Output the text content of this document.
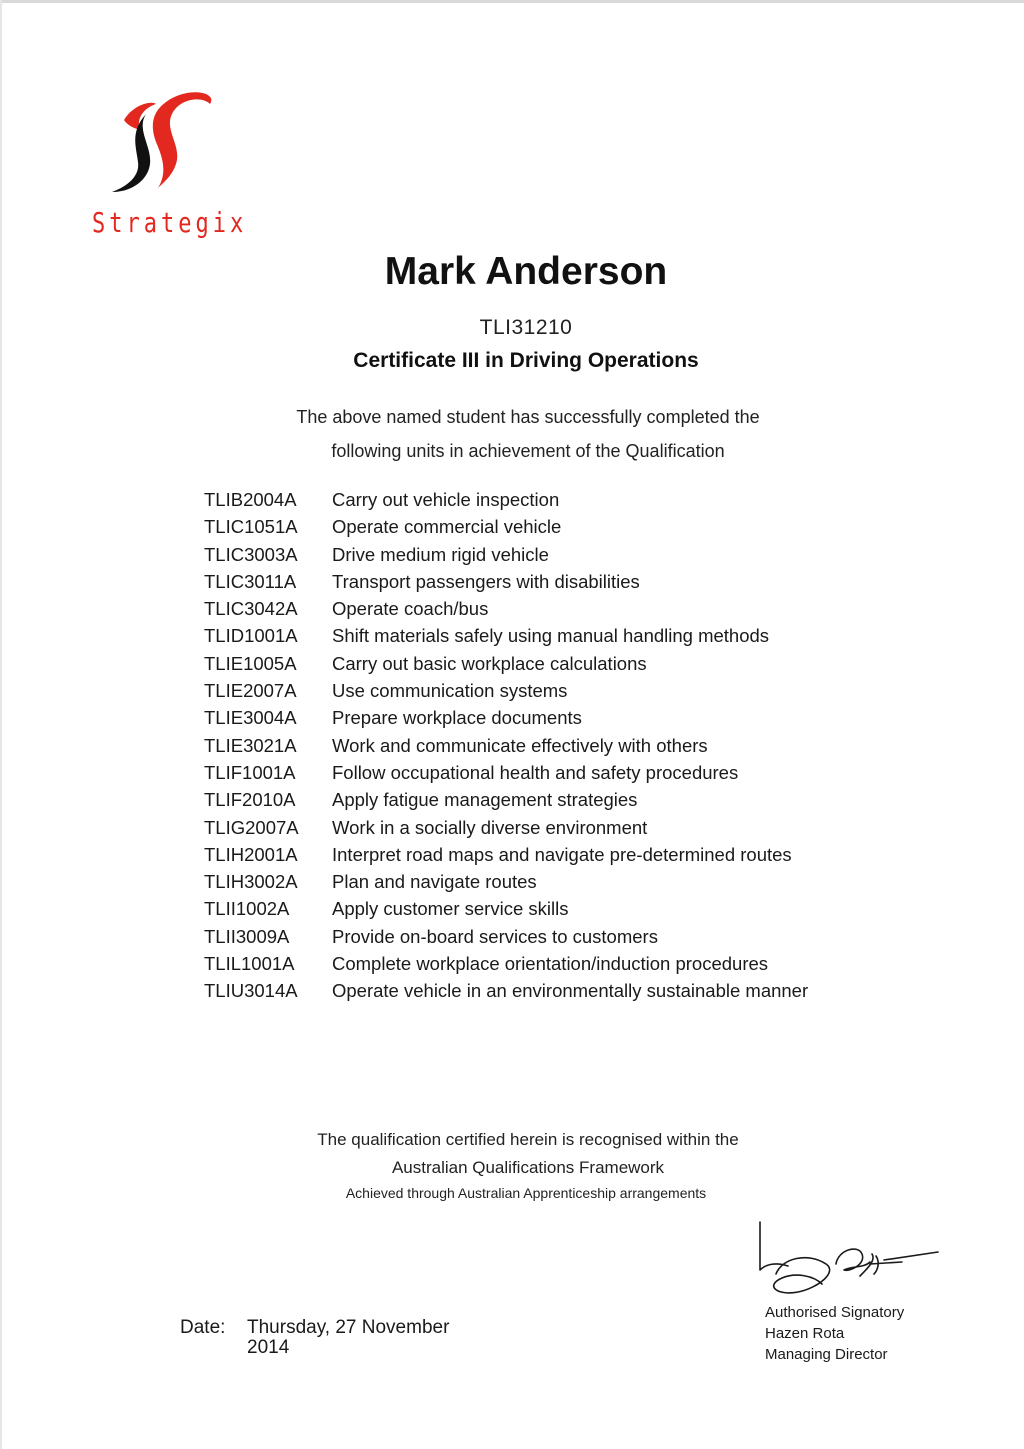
Strategix
Mark Anderson
TLI31210
Certificate III in Driving Operations
The above named student has successfully completed the
following units in achievement of the Qualification
TLIB2004A	Carry out vehicle inspection
TLIC1051A	Operate commercial vehicle
TLIC3003A	Drive medium rigid vehicle
TLIC3011A	Transport passengers with disabilities
TLIC3042A	Operate coach/bus
TLID1001A	Shift materials safely using manual handling methods
TLIE1005A	Carry out basic workplace calculations
TLIE2007A	Use communication systems
TLIE3004A	Prepare workplace documents
TLIE3021A	Work and communicate effectively with others
TLIF1001A	Follow occupational health and safety procedures
TLIF2010A	Apply fatigue management strategies
TLIG2007A	Work in a socially diverse environment
TLIH2001A	Interpret road maps and navigate pre-determined routes
TLIH3002A	Plan and navigate routes
TLII1002A	Apply customer service skills
TLII3009A	Provide on-board services to customers
TLIL1001A	Complete workplace orientation/induction procedures
TLIU3014A	Operate vehicle in an environmentally sustainable manner
The qualification certified herein is recognised within the
Australian Qualifications Framework
Achieved through Australian Apprenticeship arrangements
Date: Thursday, 27 November 2014
Authorised Signatory
Hazen Rota
Managing Director
